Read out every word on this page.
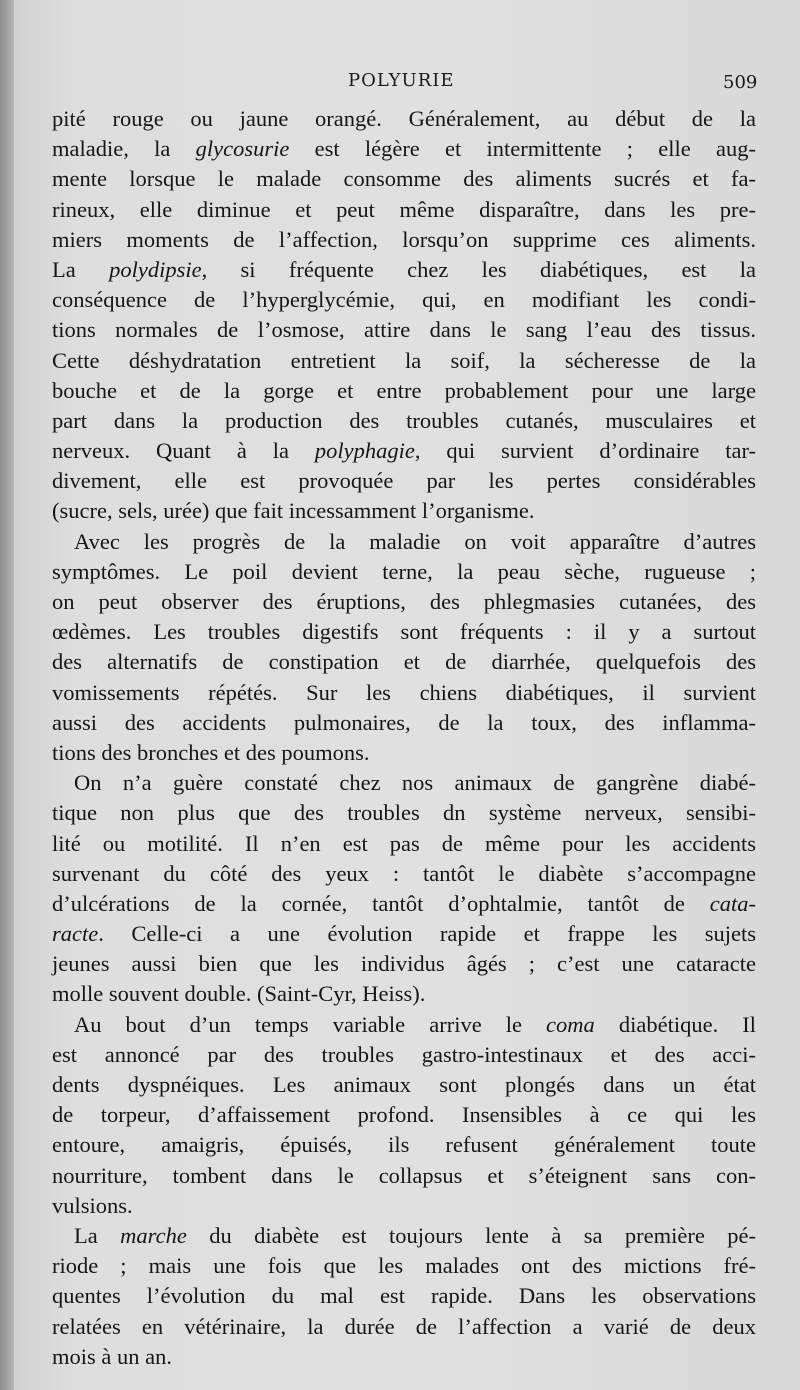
POLYURIE	509
pité rouge ou jaune orangé. Généralement, au début de la
maladie, la glycosurie est légère et intermittente ; elle aug-
mente lorsque le malade consomme des aliments sucrés et fa-
rineux, elle diminue et peut même disparaître, dans les pre-
miers moments de l’affection, lorsqu’on supprime ces aliments.
La polydipsie, si fréquente chez les diabétiques, est la
conséquence de l’hyperglycémie, qui, en modifiant les condi-
tions normales de l’osmose, attire dans le sang l’eau des tissus.
Cette déshydratation entretient la soif, la sécheresse de la
bouche et de la gorge et entre probablement pour une large
part dans la production des troubles cutanés, musculaires et
nerveux. Quant à la polyphagie, qui survient d’ordinaire tar-
divement, elle est provoquée par les pertes considérables
(sucre, sels, urée) que fait incessamment l’organisme.
Avec les progrès de la maladie on voit apparaître d’autres
symptômes. Le poil devient terne, la peau sèche, rugueuse ;
on peut observer des éruptions, des phlegmasies cutanées, des
œdèmes. Les troubles digestifs sont fréquents : il y a surtout
des alternatifs de constipation et de diarrhée, quelquefois des
vomissements répétés. Sur les chiens diabétiques, il survient
aussi des accidents pulmonaires, de la toux, des inflamma-
tions des bronches et des poumons.
On n’a guère constaté chez nos animaux de gangrène diabé-
tique non plus que des troubles dn système nerveux, sensibi-
lité ou motilité. Il n’en est pas de même pour les accidents
survenant du côté des yeux : tantôt le diabète s’accompagne
d’ulcérations de la cornée, tantôt d’ophtalmie, tantôt de cata-
racte. Celle-ci a une évolution rapide et frappe les sujets
jeunes aussi bien que les individus âgés ; c’est une cataracte
molle souvent double. (Saint-Cyr, Heiss).
Au bout d’un temps variable arrive le coma diabétique. Il
est annoncé par des troubles gastro-intestinaux et des acci-
dents dyspnéiques. Les animaux sont plongés dans un état
de torpeur, d’affaissement profond. Insensibles à ce qui les
entoure, amaigris, épuisés, ils refusent généralement toute
nourriture, tombent dans le collapsus et s’éteignent sans con-
vulsions.
La marche du diabète est toujours lente à sa première pé-
riode ; mais une fois que les malades ont des mictions fré-
quentes l’évolution du mal est rapide. Dans les observations
relatées en vétérinaire, la durée de l’affection a varié de deux
mois à un an.
